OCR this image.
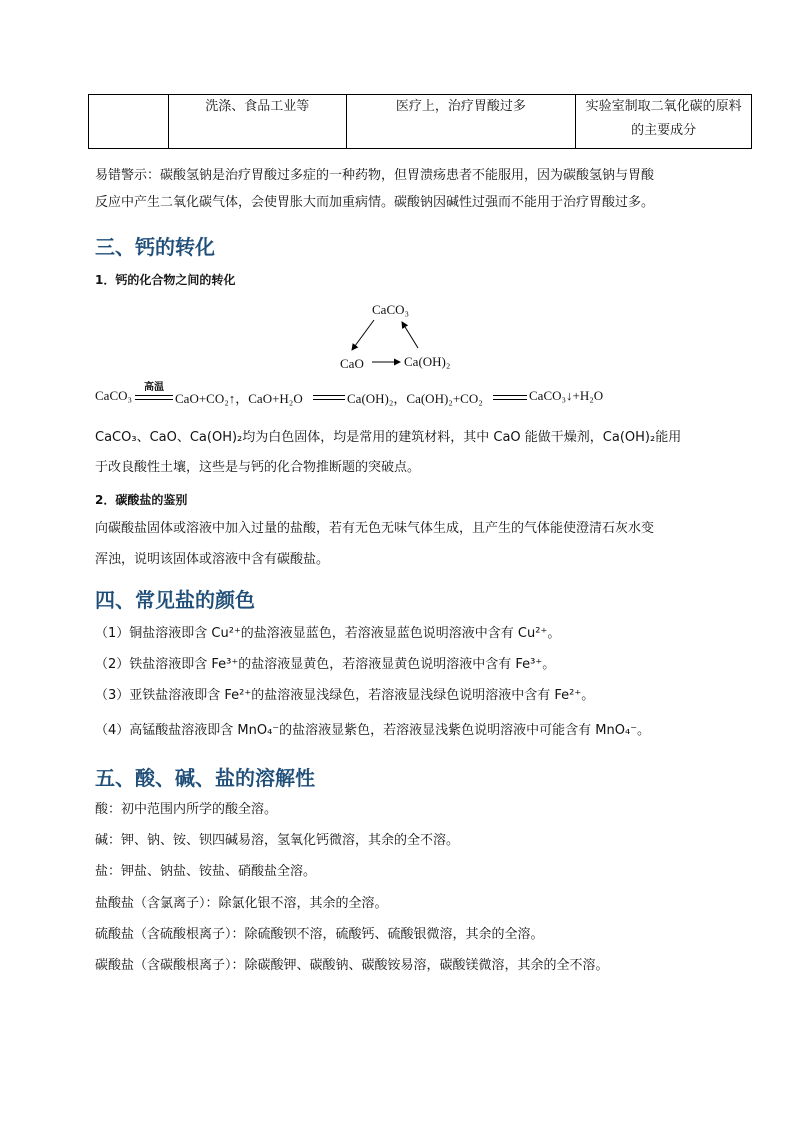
	洗涤、食品工业等	医疗上，治疗胃酸过多	实验室制取二氧化碳的原料的主要成分
易错警示：碳酸氢钠是治疗胃酸过多症的一种药物，但胃溃疡患者不能服用，因为碳酸氢钠与胃酸
反应中产生二氧化碳气体，会使胃胀大而加重病情。碳酸钠因碱性过强而不能用于治疗胃酸过多。
三、钙的转化
1．钙的化合物之间的转化
CaCO₃
CaO	Ca(OH)₂
CaCO₃
高温
CaO+CO₂↑，CaO+H₂O	Ca(OH)₂，Ca(OH)₂+CO₂	CaCO₃↓+H₂O
CaCO₃、CaO、Ca(OH)₂均为白色固体，均是常用的建筑材料，其中 CaO 能做干燥剂，Ca(OH)₂能用
于改良酸性土壤，这些是与钙的化合物推断题的突破点。
2．碳酸盐的鉴别
向碳酸盐固体或溶液中加入过量的盐酸，若有无色无味气体生成，且产生的气体能使澄清石灰水变
浑浊，说明该固体或溶液中含有碳酸盐。
四、常见盐的颜色
（1）铜盐溶液即含 Cu²⁺的盐溶液显蓝色，若溶液显蓝色说明溶液中含有 Cu²⁺。
（2）铁盐溶液即含 Fe³⁺的盐溶液显黄色，若溶液显黄色说明溶液中含有 Fe³⁺。
（3）亚铁盐溶液即含 Fe²⁺的盐溶液显浅绿色，若溶液显浅绿色说明溶液中含有 Fe²⁺。
（4）高锰酸盐溶液即含 MnO₄⁻的盐溶液显紫色，若溶液显浅紫色说明溶液中可能含有 MnO₄⁻。
五、酸、碱、盐的溶解性
酸：初中范围内所学的酸全溶。
碱：钾、钠、铵、钡四碱易溶，氢氧化钙微溶，其余的全不溶。
盐：钾盐、钠盐、铵盐、硝酸盐全溶。
盐酸盐（含氯离子）：除氯化银不溶，其余的全溶。
硫酸盐（含硫酸根离子）：除硫酸钡不溶，硫酸钙、硫酸银微溶，其余的全溶。
碳酸盐（含碳酸根离子）：除碳酸钾、碳酸钠、碳酸铵易溶，碳酸镁微溶，其余的全不溶。
